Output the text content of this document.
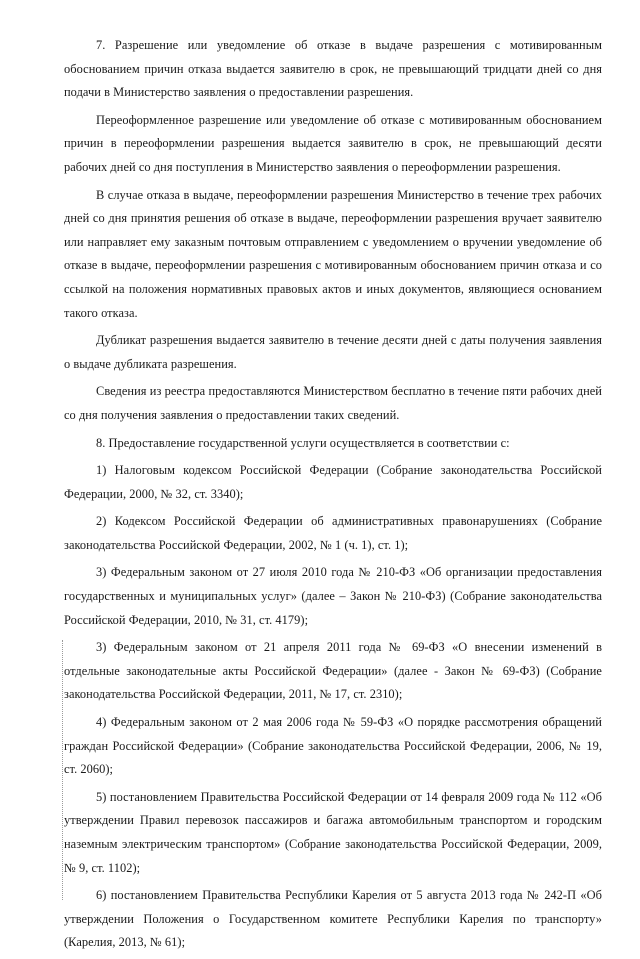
7. Разрешение или уведомление об отказе в выдаче разрешения с мотивированным обоснованием причин отказа выдается заявителю в срок, не превышающий тридцати дней со дня подачи в Министерство заявления о предоставлении разрешения.

Переоформленное разрешение или уведомление об отказе с мотивированным обоснованием причин в переоформлении разрешения выдается заявителю в срок, не превышающий десяти рабочих дней со дня поступления в Министерство заявления о переоформлении разрешения.

В случае отказа в выдаче, переоформлении разрешения Министерство в течение трех рабочих дней со дня принятия решения об отказе в выдаче, переоформлении разрешения вручает заявителю или направляет ему заказным почтовым отправлением с уведомлением о вручении уведомление об отказе в выдаче, переоформлении разрешения с мотивированным обоснованием причин отказа и со ссылкой на положения нормативных правовых актов и иных документов, являющиеся основанием такого отказа.

Дубликат разрешения выдается заявителю в течение десяти дней с даты получения заявления о выдаче дубликата разрешения.

Сведения из реестра предоставляются Министерством бесплатно в течение пяти рабочих дней со дня получения заявления о предоставлении таких сведений.

8. Предоставление государственной услуги осуществляется в соответствии с:

1) Налоговым кодексом Российской Федерации (Собрание законодательства Российской Федерации, 2000, № 32, ст. 3340);

2) Кодексом Российской Федерации об административных правонарушениях (Собрание законодательства Российской Федерации, 2002, № 1 (ч. 1), ст. 1);

3) Федеральным законом от 27 июля 2010 года № 210-ФЗ «Об организации предоставления государственных и муниципальных услуг» (далее – Закон № 210-ФЗ) (Собрание законодательства Российской Федерации, 2010, № 31, ст. 4179);

3) Федеральным законом от 21 апреля 2011 года № 69-ФЗ «О внесении изменений в отдельные законодательные акты Российской Федерации» (далее - Закон № 69-ФЗ) (Собрание законодательства Российской Федерации, 2011, № 17, ст. 2310);

4) Федеральным законом от 2 мая 2006 года № 59-ФЗ «О порядке рассмотрения обращений граждан Российской Федерации» (Собрание законодательства Российской Федерации, 2006, № 19, ст. 2060);

5) постановлением Правительства Российской Федерации от 14 февраля 2009 года № 112 «Об утверждении Правил перевозок пассажиров и багажа автомобильным транспортом и городским наземным электрическим транспортом» (Собрание законодательства Российской Федерации, 2009, № 9, ст. 1102);

6) постановлением Правительства Республики Карелия от 5 августа 2013 года № 242-П «Об утверждении Положения о Государственном комитете Республики Карелия по транспорту» (Карелия, 2013, № 61);
